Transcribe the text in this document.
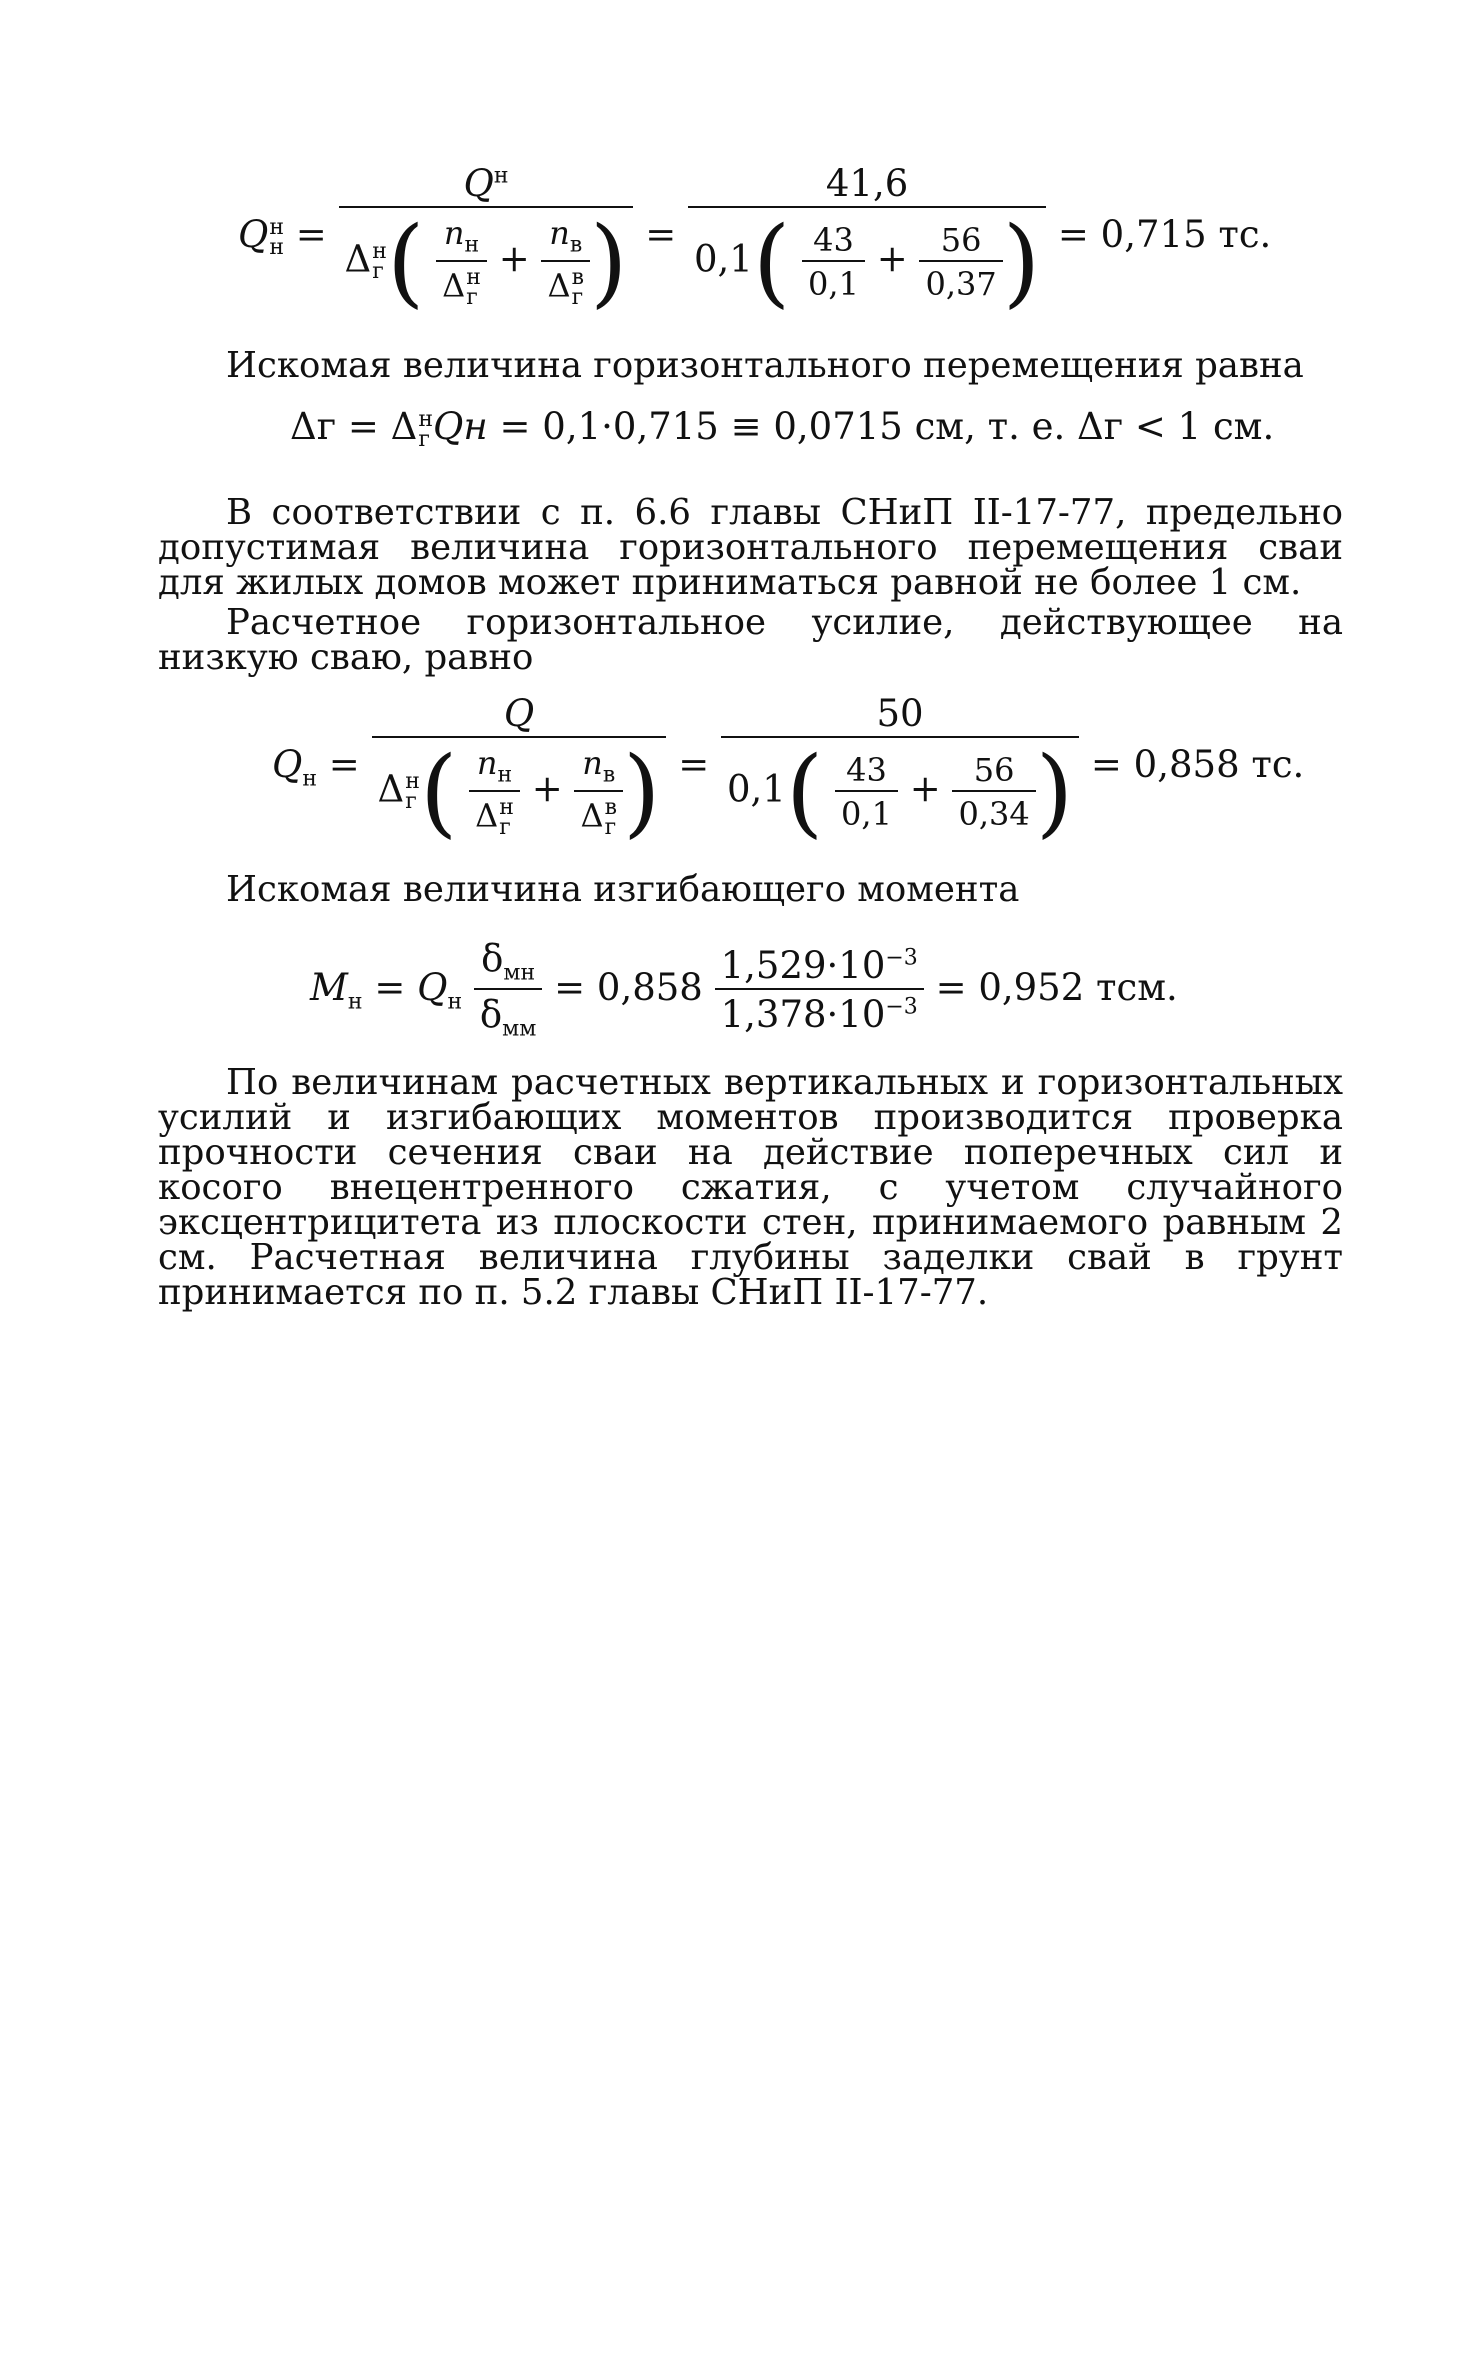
Q н
$н = Q^н$
Δ н
г ( $n_н$
Δ н
$г + n_в$
Δ в
г ) = $\frac{41,6}{0,1( \frac{43}{0,1} + \frac{56}{0,37} )} = 0,715$ тс.
Искомая величина горизонтального перемещения равна
Δг = Δ н
г Qн = 0,1·0,715 ≡ 0,0715 см, т. е. Δг < 1 см.
В соответствии с п. 6.6 главы СНиП II-17-77, предельно допустимая величина горизонтального перемещения сваи для жилых домов может приниматься равной не более 1 см.
Расчетное горизонтальное усилие, действующее на низкую сваю, равно
$Q_н = Q$
Δ н
г ( $n_н$
Δ н
$г + n_в$
Δ в
г ) = $\frac{50}{0,1( \frac{43}{0,1} + \frac{56}{0,34} )} = 0,858$ тс.
Искомая величина изгибающего момента
$M_н = Q_н \frac{\delta_{мн}}{\delta_{мм}} = 0,858 \frac{1,529\cdot 10^{-3}}{1,378\cdot 10^{-3}} = 0,952$ тсм.
По величинам расчетных вертикальных и горизонтальных усилий и изгибающих моментов производится проверка прочности сечения сваи на действие поперечных сил и косого внецентренного сжатия, с учетом случайного эксцентрицитета из плоскости стен, принимаемого равным 2 см. Расчетная величина глубины заделки свай в грунт принимается по п. 5.2 главы СНиП II-17-77.
